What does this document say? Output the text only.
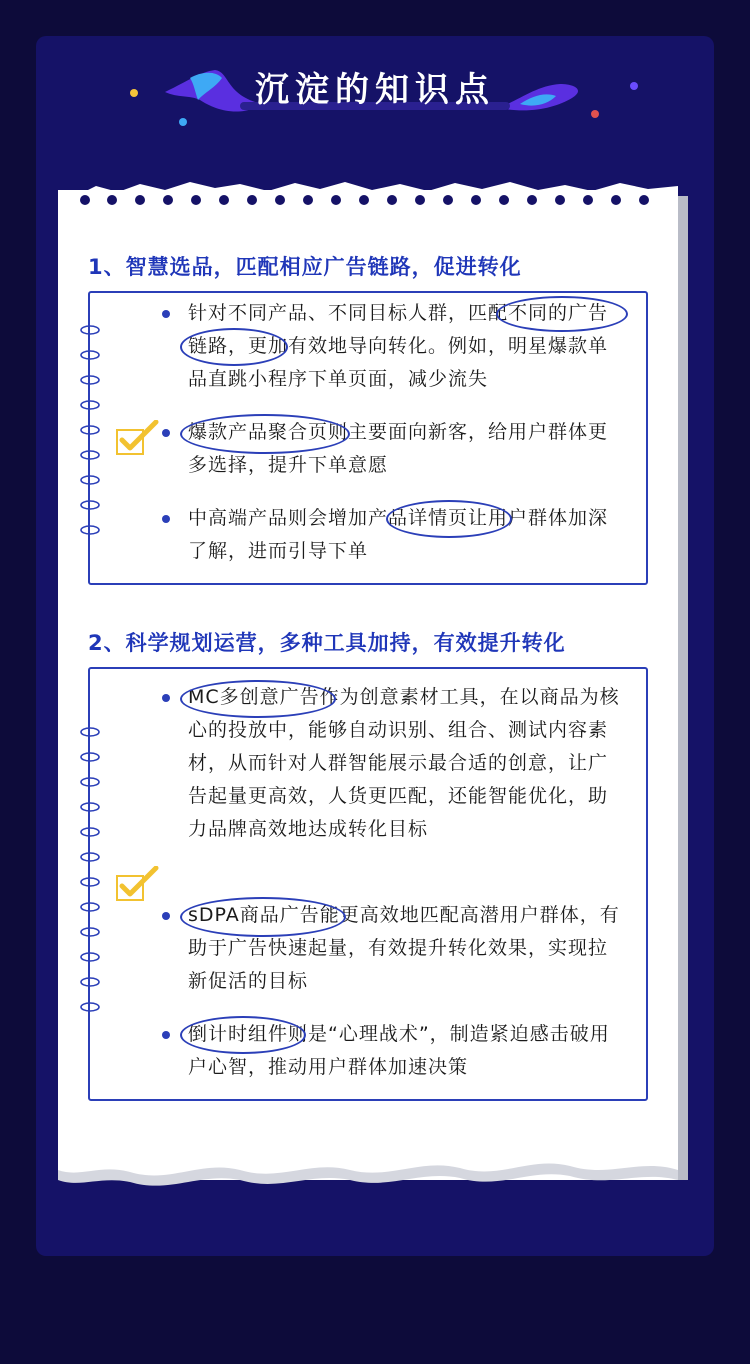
沉淀的知识点
1、智慧选品，匹配相应广告链路，促进转化
针对不同产品、不同目标人群，匹配不同的广告链路，更加有效地导向转化。例如，明星爆款单品直跳小程序下单页面，减少流失
爆款产品聚合页则主要面向新客，给用户群体更多选择，提升下单意愿
中高端产品则会增加产品详情页让用户群体加深了解，进而引导下单
2、科学规划运营，多种工具加持，有效提升转化
MC多创意广告作为创意素材工具，在以商品为核心的投放中，能够自动识别、组合、测试内容素材，从而针对人群智能展示最合适的创意，让广告起量更高效，人货更匹配，还能智能优化，助力品牌高效地达成转化目标
sDPA商品广告能更高效地匹配高潜用户群体，有助于广告快速起量，有效提升转化效果，实现拉新促活的目标
倒计时组件则是“心理战术”，制造紧迫感击破用户心智，推动用户群体加速决策
